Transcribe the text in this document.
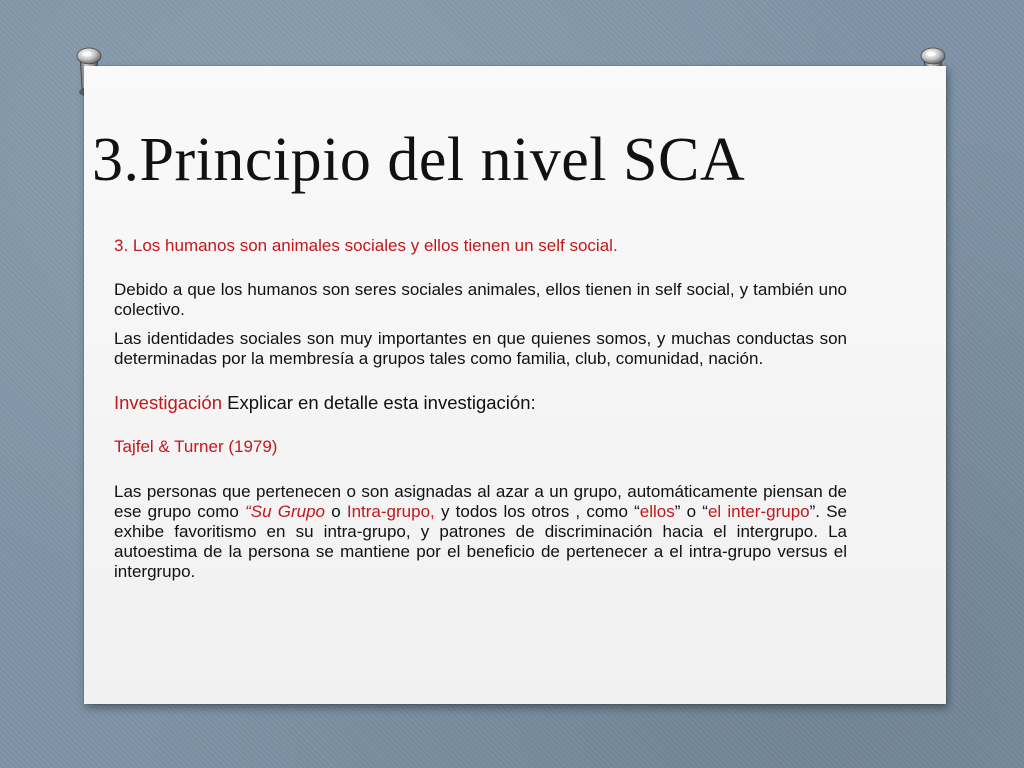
3.Principio del nivel SCA

3. Los humanos son animales sociales y ellos tienen un self social.

Debido a que los humanos son seres sociales animales, ellos tienen in self social, y también uno colectivo.

Las identidades sociales son muy importantes en que quienes somos, y muchas conductas son determinadas por la membresía a grupos tales como familia, club, comunidad, nación.

Investigación Explicar en detalle esta investigación:

Tajfel & Turner (1979)

Las personas que pertenecen o son asignadas al azar a un grupo, automáticamente piensan de ese grupo como “Su Grupo o Intra-grupo, y todos los otros , como “ellos” o “el inter-grupo”. Se exhibe favoritismo en su intra-grupo, y patrones de discriminación hacia el intergrupo. La autoestima de la persona se mantiene por el beneficio de pertenecer a el intra-grupo versus el intergrupo.
